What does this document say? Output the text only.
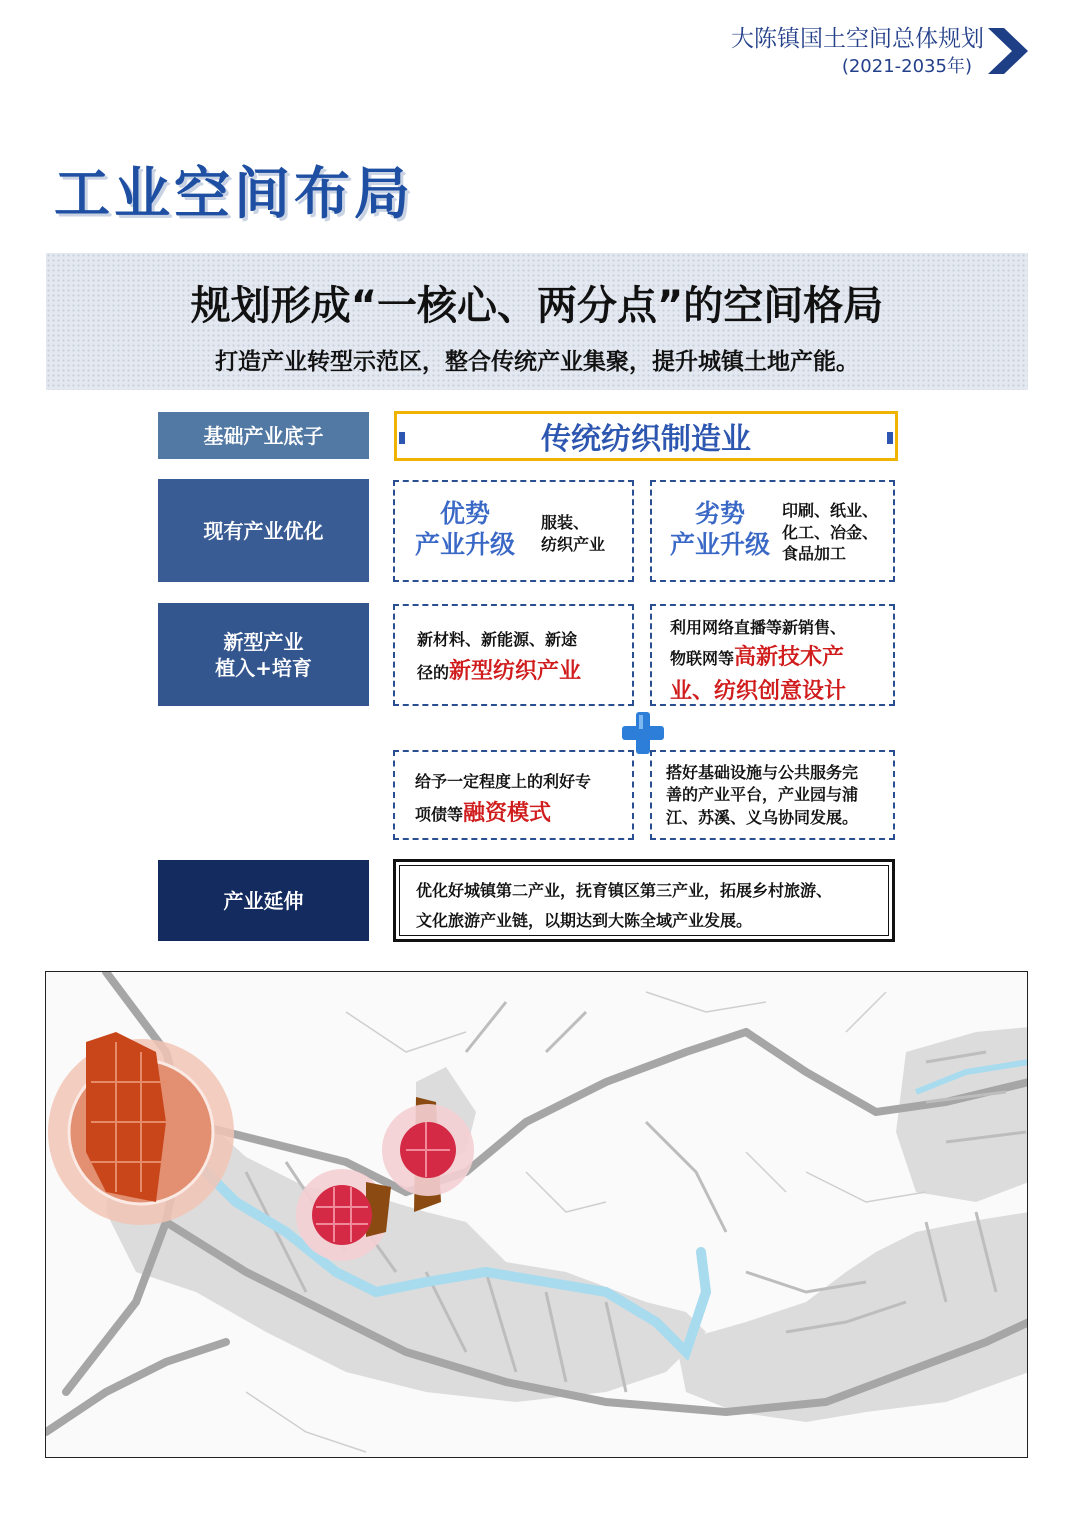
大陈镇国土空间总体规划
(2021-2035年)
工业空间布局
规划形成“一核心、两分点”的空间格局
打造产业转型示范区，整合传统产业集聚，提升城镇土地产能。
基础产业底子
现有产业优化
新型产业
植入+培育
产业延伸
传统纺织制造业
优势
产业升级
服装、
纺织产业
劣势
产业升级
印刷、纸业、
化工、冶金、
食品加工
新材料、新能源、新途
径的新型纺织产业
利用网络直播等新销售、
物联网等高新技术产
业、纺织创意设计
给予一定程度上的利好专
项债等融资模式
搭好基础设施与公共服务完
善的产业平台，产业园与浦
江、苏溪、义乌协同发展。
优化好城镇第二产业，抚育镇区第三产业，拓展乡村旅游、
文化旅游产业链，以期达到大陈全域产业发展。
